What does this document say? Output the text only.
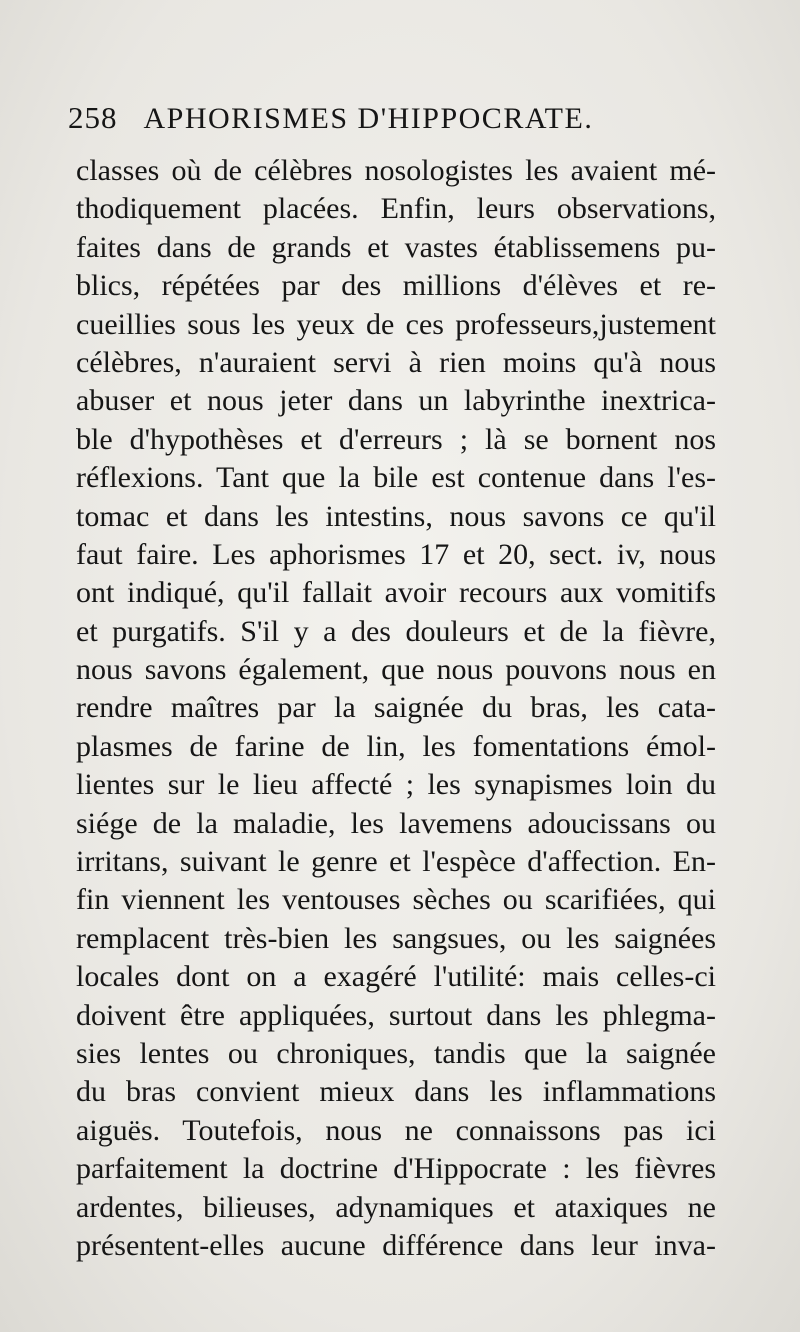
258 APHORISMES D'HIPPOCRATE.
classes où de célèbres nosologistes les avaient mé-
thodiquement placées. Enfin, leurs observations,
faites dans de grands et vastes établissemens pu-
blics, répétées par des millions d'élèves et re-
cueillies sous les yeux de ces professeurs,justement
célèbres, n'auraient servi à rien moins qu'à nous
abuser et nous jeter dans un labyrinthe inextrica-
ble d'hypothèses et d'erreurs ; là se bornent nos
réflexions. Tant que la bile est contenue dans l'es-
tomac et dans les intestins, nous savons ce qu'il
faut faire. Les aphorismes 17 et 20, sect. iv, nous
ont indiqué, qu'il fallait avoir recours aux vomitifs
et purgatifs. S'il y a des douleurs et de la fièvre,
nous savons également, que nous pouvons nous en
rendre maîtres par la saignée du bras, les cata-
plasmes de farine de lin, les fomentations émol-
lientes sur le lieu affecté ; les synapismes loin du
siége de la maladie, les lavemens adoucissans ou
irritans, suivant le genre et l'espèce d'affection. En-
fin viennent les ventouses sèches ou scarifiées, qui
remplacent très-bien les sangsues, ou les saignées
locales dont on a exagéré l'utilité: mais celles-ci
doivent être appliquées, surtout dans les phlegma-
sies lentes ou chroniques, tandis que la saignée
du bras convient mieux dans les inflammations
aiguës. Toutefois, nous ne connaissons pas ici
parfaitement la doctrine d'Hippocrate : les fièvres
ardentes, bilieuses, adynamiques et ataxiques ne
présentent-elles aucune différence dans leur inva-
